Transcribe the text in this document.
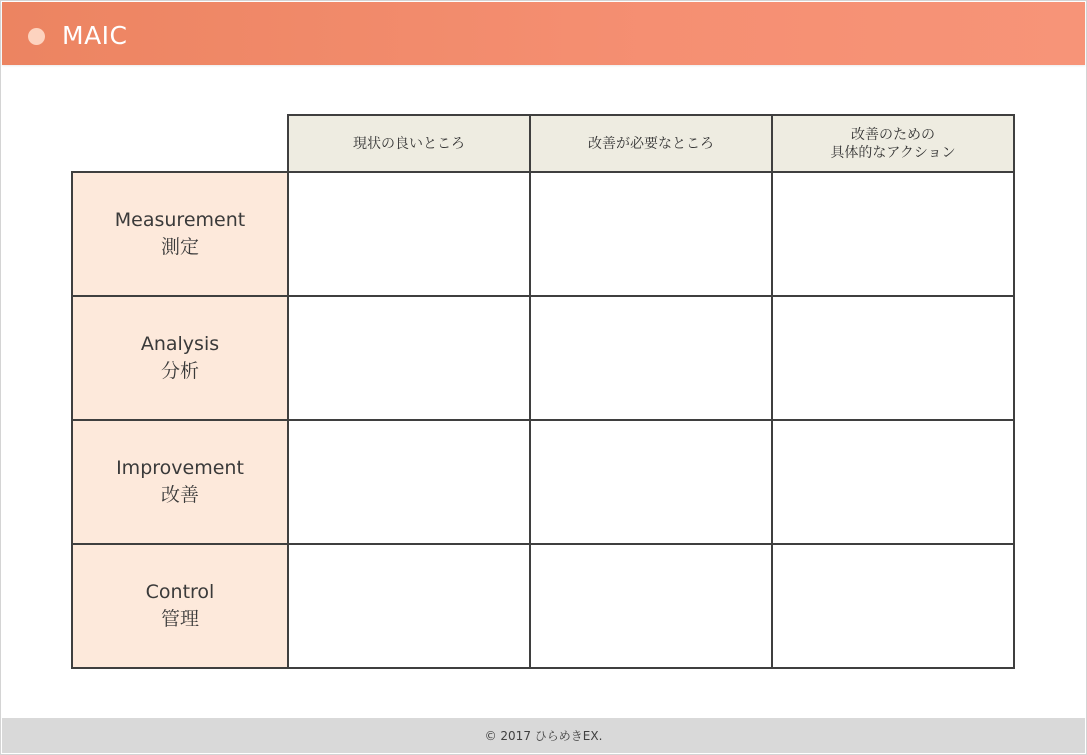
MAIC
現状の良いところ	改善が必要なところ
改善のための
具体的なアクション
Measurement
測定
Analysis
分析
Improvement
改善
Control
管理
© 2017 ひらめきEX.
